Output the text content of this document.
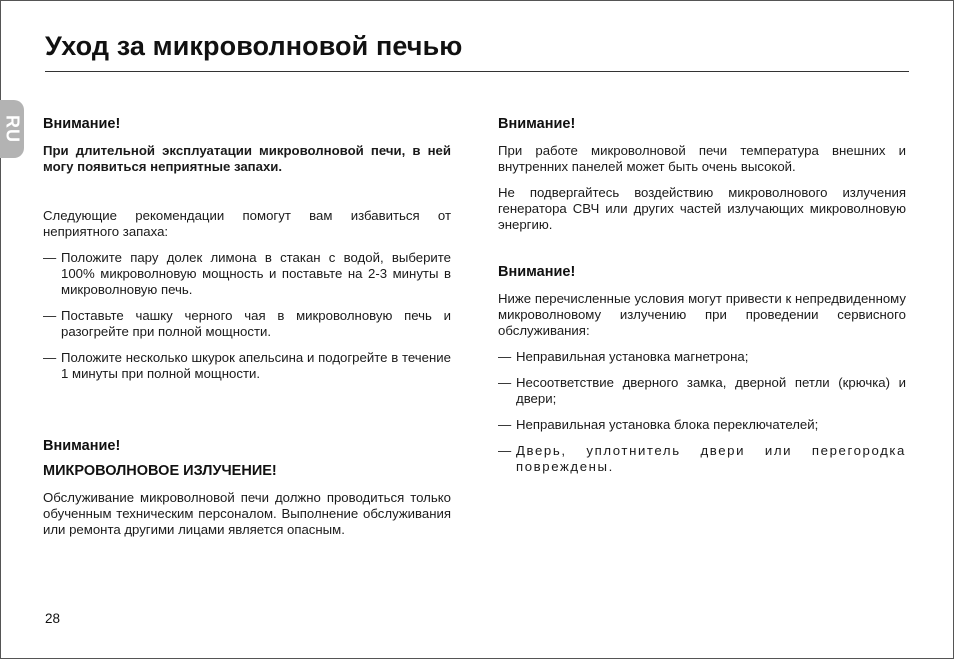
Уход за микроволновой печью
RU Внимание!

При длительной эксплуатации микроволновой печи, в ней могу появиться неприятные запахи.

Следующие рекомендации помогут вам избавиться от неприятного запаха:

— Положите пару долек лимона в стакан с водой, выберите 100% микроволновую мощность и поставьте на 2-3 минуты в микроволновую печь.
— Поставьте чашку черного чая в микроволновую печь и разогрейте при полной мощности.
— Положите несколько шкурок апельсина и подогрейте в течение 1 минуты при полной мощности.
Внимание!
МИКРОВОЛНОВОЕ ИЗЛУЧЕНИЕ!

Обслуживание микроволновой печи должно проводиться только обученным техническим персоналом. Выполнение обслуживания или ремонта другими лицами является опасным.

Внимание!

При работе микроволновой печи температура внешних и внутренних панелей может быть очень высокой.

Не подвергайтесь воздействию микроволнового излучения генератора СВЧ или других частей излучающих микроволновую энергию.

Внимание!

Ниже перечисленные условия могут привести к непредвиденному микроволновому излучению при проведении сервисного обслуживания:

— Неправильная установка магнетрона;
— Несоответствие дверного замка, дверной петли (крючка) и двери;
— Неправильная установка блока переключателей;
— Дверь, уплотнитель двери или перегородка повреждены.
28
